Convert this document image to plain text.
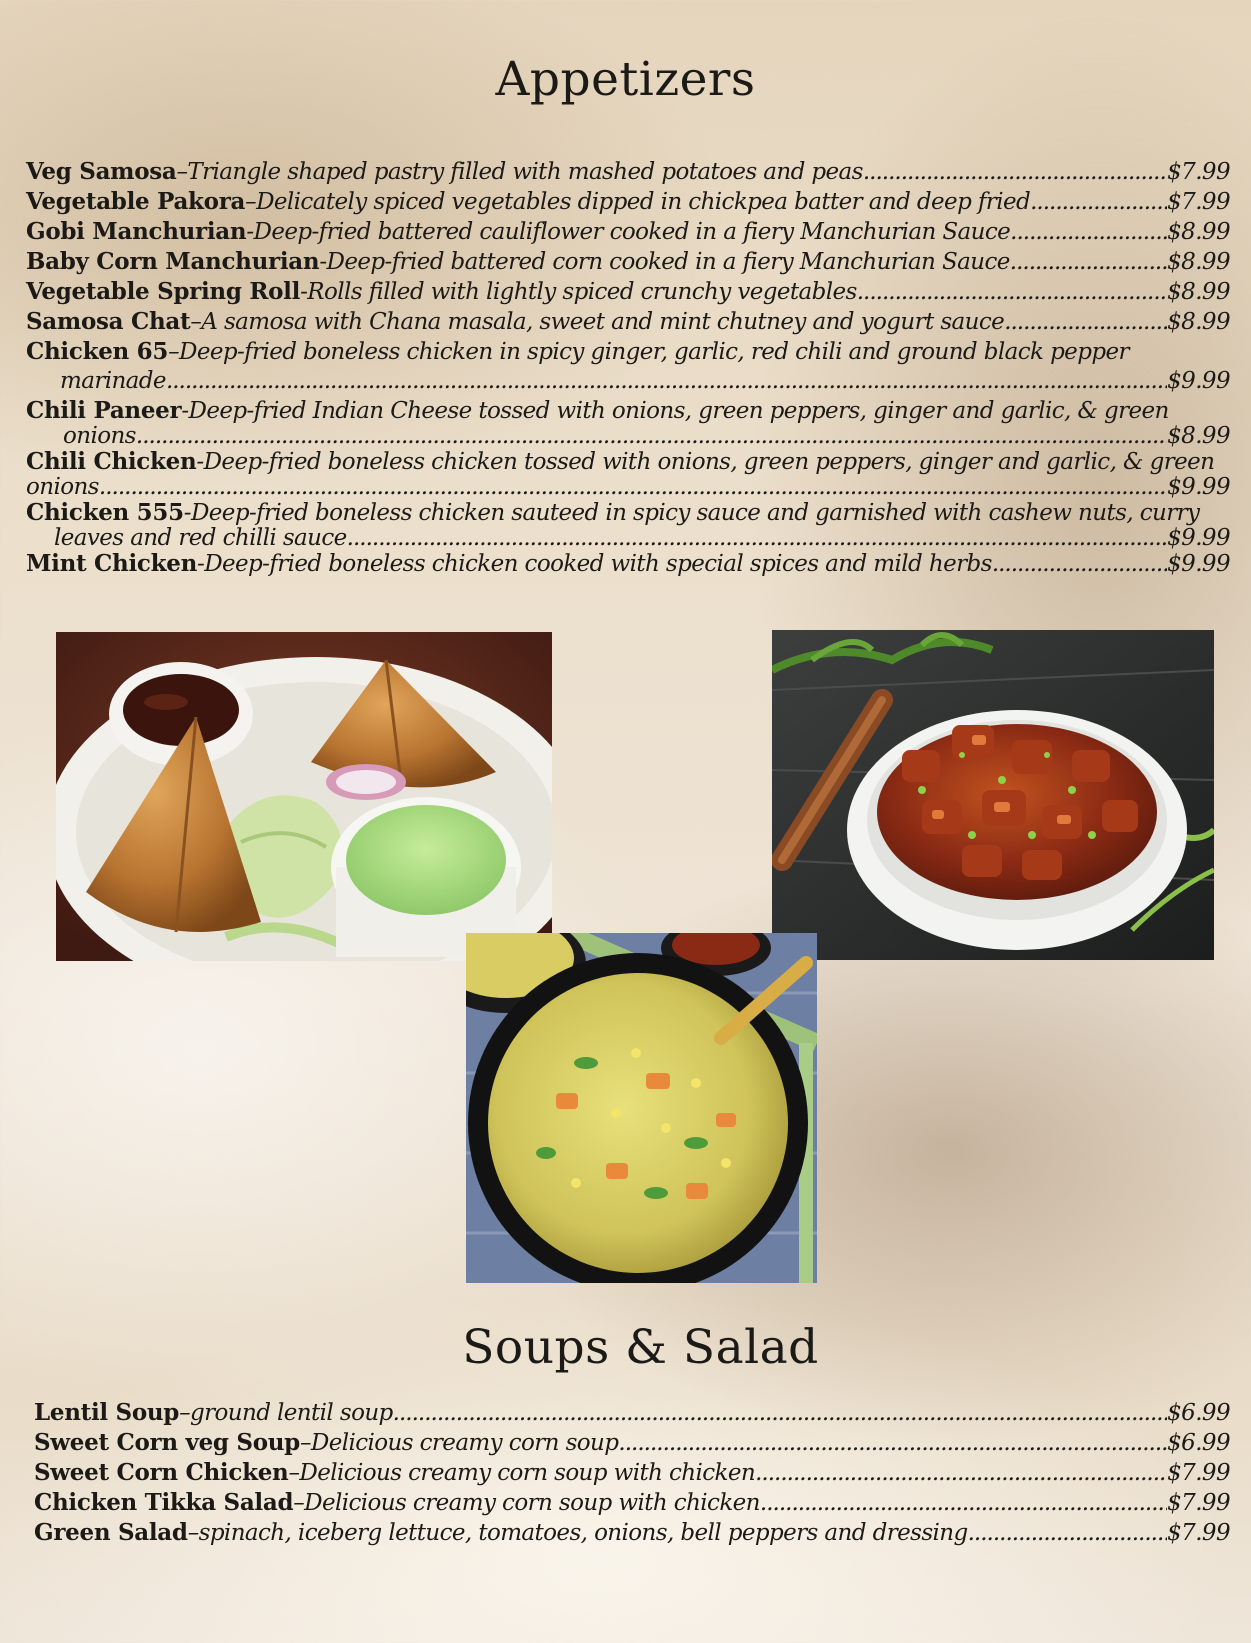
Appetizers
Veg Samosa – Triangle shaped pastry filled with mashed potatoes and peas .....	$7.99
Vegetable Pakora – Delicately spiced vegetables dipped in chickpea batter and deep fried .....	$7.99
Gobi Manchurian - Deep-fried battered cauliflower cooked in a fiery Manchurian Sauce .....	$8.99
Baby Corn Manchurian - Deep-fried battered corn cooked in a fiery Manchurian Sauce .....	$8.99
Vegetable Spring Roll - Rolls filled with lightly spiced crunchy vegetables .....	$8.99
Samosa Chat – A samosa with Chana masala, sweet and mint chutney and yogurt sauce .....	$8.99
Chicken 65 – Deep-fried boneless chicken in spicy ginger, garlic, red chili and ground black pepper
marinade .....	$9.99
Chili Paneer - Deep-fried Indian Cheese tossed with onions, green peppers, ginger and garlic, & green
onions .....	$8.99
Chili Chicken - Deep-fried boneless chicken tossed with onions, green peppers, ginger and garlic, & green
onions .....	$9.99
Chicken 555 - Deep-fried boneless chicken sauteed in spicy sauce and garnished with cashew nuts, curry
leaves and red chilli sauce .....	$9.99
Mint Chicken - Deep-fried boneless chicken cooked with special spices and mild herbs .....	$9.99
Soups & Salad
Lentil Soup – ground lentil soup .....	$6.99
Sweet Corn veg Soup – Delicious creamy corn soup .....	$6.99
Sweet Corn Chicken – Delicious creamy corn soup with chicken .....	$7.99
Chicken Tikka Salad – Delicious creamy corn soup with chicken .....	$7.99
Green Salad – spinach, iceberg lettuce, tomatoes, onions, bell peppers and dressing .....	$7.99
